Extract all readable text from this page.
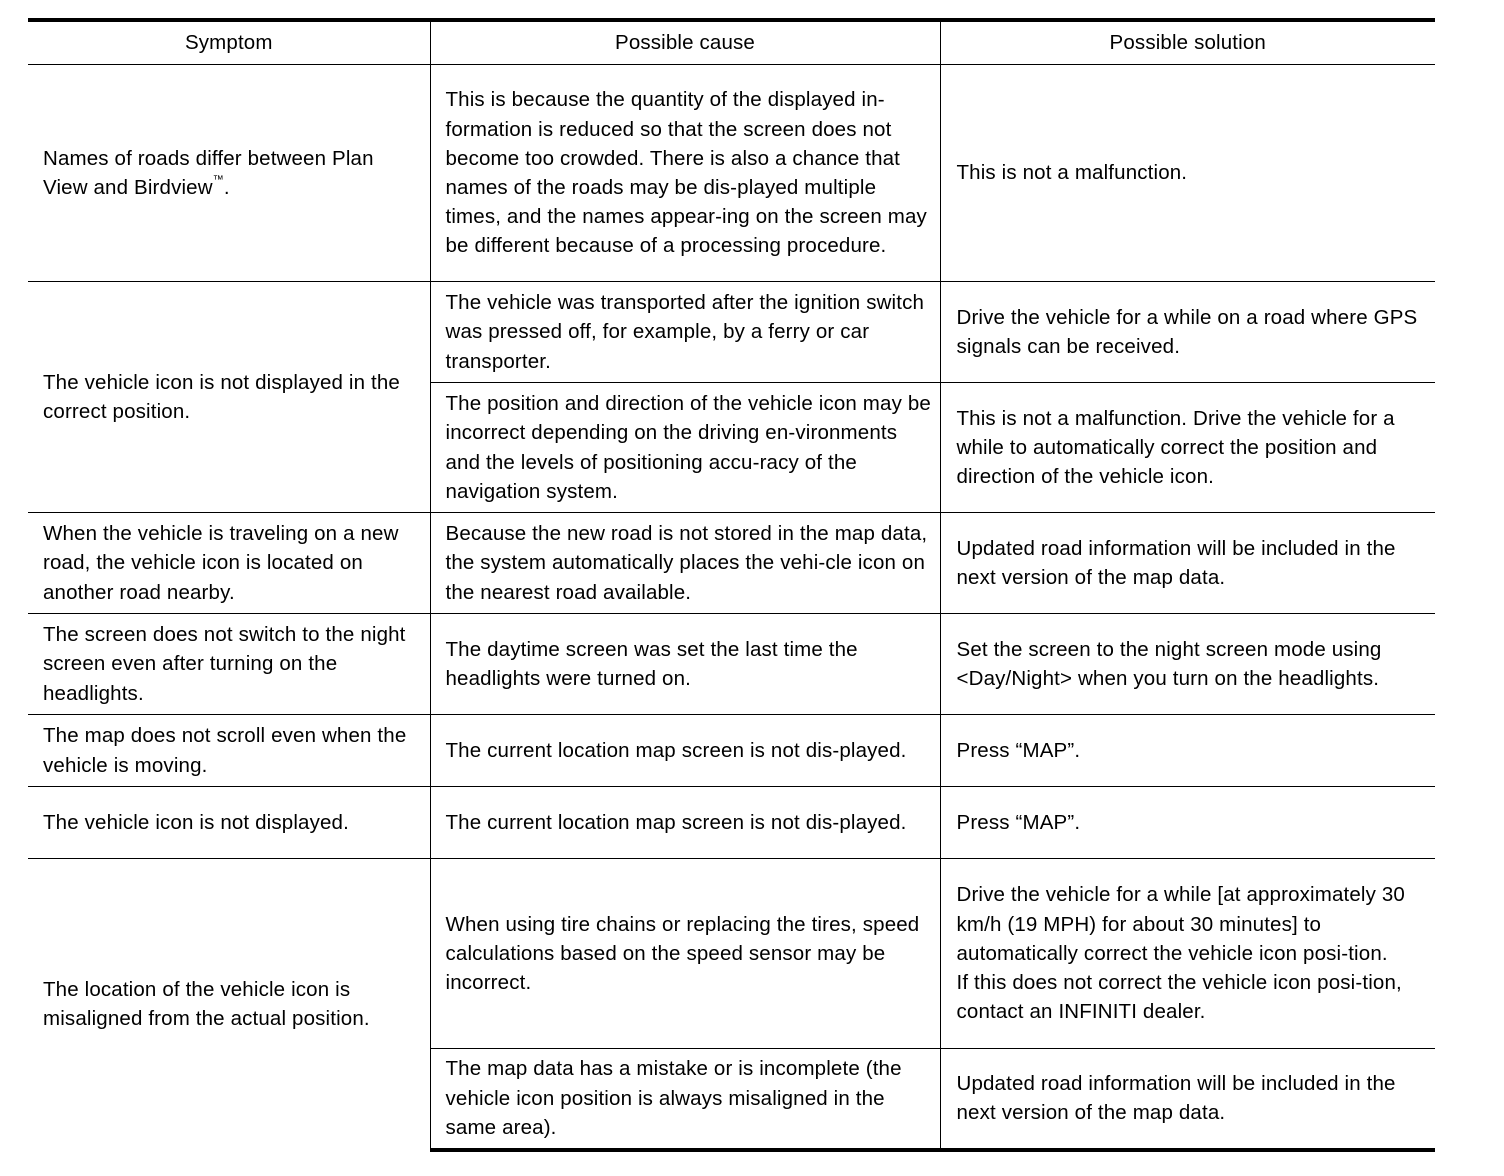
Symptom	Possible cause	Possible solution
Names of roads differ between Plan View and Birdview™.	This is because the quantity of the displayed in-formation is reduced so that the screen does not become too crowded. There is also a chance that names of the roads may be dis-played multiple times, and the names appear-ing on the screen may be different because of a processing procedure.	This is not a malfunction.
The vehicle icon is not displayed in the correct position.	The vehicle was transported after the ignition switch was pressed off, for example, by a ferry or car transporter.	Drive the vehicle for a while on a road where GPS signals can be received.
	The position and direction of the vehicle icon may be incorrect depending on the driving en-vironments and the levels of positioning accu-racy of the navigation system.	This is not a malfunction. Drive the vehicle for a while to automatically correct the position and direction of the vehicle icon.
When the vehicle is traveling on a new road, the vehicle icon is located on another road nearby.	Because the new road is not stored in the map data, the system automatically places the vehi-cle icon on the nearest road available.	Updated road information will be included in the next version of the map data.
The screen does not switch to the night screen even after turning on the headlights.	The daytime screen was set the last time the headlights were turned on.	Set the screen to the night screen mode using <Day/Night> when you turn on the headlights.
The map does not scroll even when the vehicle is moving.	The current location map screen is not dis-played.	Press “MAP”.
The vehicle icon is not displayed.	The current location map screen is not dis-played.	Press “MAP”.
The location of the vehicle icon is misaligned from the actual position.	When using tire chains or replacing the tires, speed calculations based on the speed sensor may be incorrect.	Drive the vehicle for a while [at approximately 30 km/h (19 MPH) for about 30 minutes] to automatically correct the vehicle icon posi-tion.
If this does not correct the vehicle icon posi-tion, contact an INFINITI dealer.

	The map data has a mistake or is incomplete (the vehicle icon position is always misaligned in the same area).	Updated road information will be included in the next version of the map data.
